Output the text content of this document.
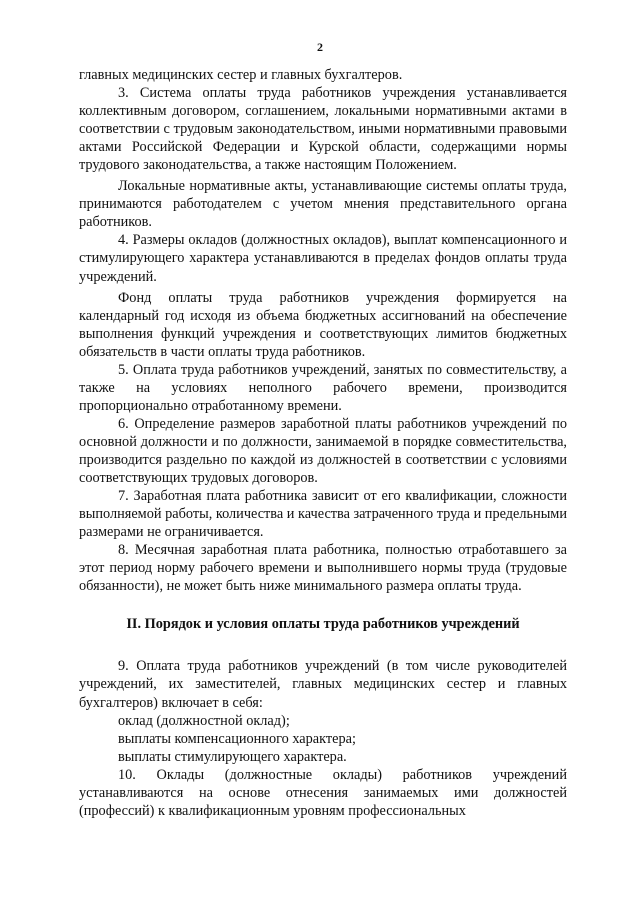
2

главных медицинских сестер и главных бухгалтеров.

3. Система оплаты труда работников учреждения устанавливается коллективным договором, соглашением, локальными нормативными актами в соответствии с трудовым законодательством, иными нормативными правовыми актами Российской Федерации и Курской области, содержащими нормы трудового законодательства, а также настоящим Положением.

Локальные нормативные акты, устанавливающие системы оплаты труда, принимаются работодателем с учетом мнения представительного органа работников.

4. Размеры окладов (должностных окладов), выплат компенсационного и стимулирующего характера устанавливаются в пределах фондов оплаты труда учреждений.

Фонд оплаты труда работников учреждения формируется на календарный год исходя из объема бюджетных ассигнований на обеспечение выполнения функций учреждения и соответствующих лимитов бюджетных обязательств в части оплаты труда работников.

5. Оплата труда работников учреждений, занятых по совместительству, а также на условиях неполного рабочего времени, производится пропорционально отработанному времени.

6. Определение размеров заработной платы работников учреждений по основной должности и по должности, занимаемой в порядке совместительства, производится раздельно по каждой из должностей в соответствии с условиями соответствующих трудовых договоров.

7. Заработная плата работника зависит от его квалификации, сложности выполняемой работы, количества и качества затраченного труда и предельными размерами не ограничивается.

8. Месячная заработная плата работника, полностью отработавшего за этот период норму рабочего времени и выполнившего нормы труда (трудовые обязанности), не может быть ниже минимального размера оплаты труда.

II. Порядок и условия оплаты труда работников учреждений

9. Оплата труда работников учреждений (в том числе руководителей учреждений, их заместителей, главных медицинских сестер и главных бухгалтеров) включает в себя:

оклад (должностной оклад);

выплаты компенсационного характера;

выплаты стимулирующего характера.

10. Оклады (должностные оклады) работников учреждений устанавливаются на основе отнесения занимаемых ими должностей (профессий) к квалификационным уровням профессиональных
